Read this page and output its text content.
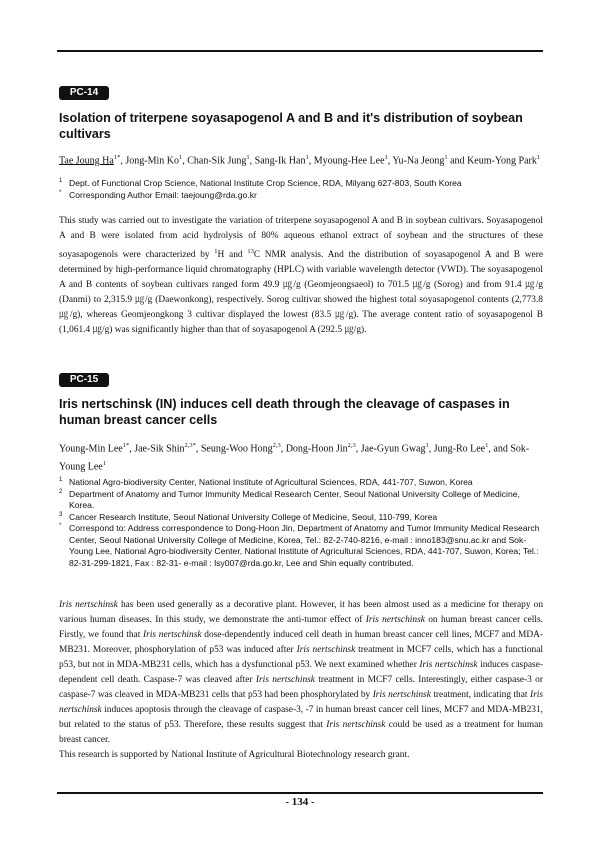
PC-14
Isolation of triterpene soyasapogenol A and B and it's distribution of soybean cultivars

Tae Joung $Ha^{1*}$, Jong-Min Ko$^1$, Chan-Sik Jung$^1$, Sang-Ik Han$^1$, Myoung-Hee Lee$^1$, Yu-Na Jeong$^1$ and Keum-Yong Park$^1$

1 Dept. of Functional Crop Science, National Institute Crop Science, RDA, Milyang 627-803, South Korea
* Corresponding Author Email: taejoung@rda.go.kr

This study was carried out to investigate the variation of triterpene soyasapogenol A and B in soybean cultivars. Soyasapogenol A and B were isolated from acid hydrolysis of 80% aqueous ethanol extract of soybean and the structures of these soyasapogenols were characterized by $^1$H and $^{13}$C NMR analysis. And the distribution of soyasapogenol A and B were determined by high-performance liquid chromatography (HPLC) with variable wavelength detector (VWD). The soyasapogenol A and B contents of soybean cultivars ranged form 49.9 ㎍/g (Geomjeongsaeol) to 701.5 ㎍/g (Sorog) and from 91.4 ㎍/g (Danmi) to 2,315.9 ㎍/g (Daewonkong), respectively. Sorog cultivar showed the highest total soyasapogenol contents (2,773.8 ㎍/g), whereas Geomjeongkong 3 cultivar displayed the lowest (83.5 ㎍/g). The average content ratio of soyasapogenol B (1,061.4 ㎍/g) was significantly higher than that of soyasapogenol A (292.5 ㎍/g).

PC-15
Iris nertschinsk (IN) induces cell death through the cleavage of caspases in human breast cancer cells

Young-Min Lee$^{1*}$, Jae-Sik Shin$^{2,3*}$, Seung-Woo Hong$^{2,3}$, Dong-Hoon Jin$^{2,3}$, Jae-Gyun Gwag$^1$, Jung-Ro Lee$^1$, and Sok-Young Lee$^1$

1 National Agro-biodiversity Center, National Institute of Agricultural Sciences, RDA, 441-707, Suwon, Korea
2 Department of Anatomy and Tumor Immunity Medical Research Center, Seoul National University College of Medicine, Korea.
3 Cancer Research Institute, Seoul National University College of Medicine, Seoul, 110-799, Korea
* Correspond to: Address correspondence to Dong-Hoon Jin, Department of Anatomy and Tumor Immunity Medical Research Center, Seoul National University College of Medicine, Korea, Tel.: 82-2-740-8216, e-mail : inno183@snu.ac.kr and Sok-Young Lee, National Agro-biodiversity Center, National Institute of Agricultural Sciences, RDA, 441-707, Suwon, Korea; Tel.: 82-31-299-1821, Fax : 82-31- e-mail : lsy007@rda.go.kr, Lee and Shin equally contributed.

Iris nertschinsk has been used generally as a decorative plant. However, it has been almost used as a medicine for therapy on various human diseases. In this study, we demonstrate the anti-tumor effect of Iris nertschinsk on human breast cancer cells. Firstly, we found that Iris nertschinsk dose-dependently induced cell death in human breast cancer cell lines, MCF7 and MDA-MB231. Moreover, phosphorylation of p53 was induced after Iris nertschinsk treatment in MCF7 cells, which has a functional p53, but not in MDA-MB231 cells, which has a dysfunctional p53. We next examined whether Iris nertschinsk induces caspase-dependent cell death. Caspase-7 was cleaved after Iris nertschinsk treatment in MCF7 cells. Interestingly, either caspase-3 or caspase-7 was cleaved in MDA-MB231 cells that p53 had been phosphorylated by Iris nertschinsk treatment, indicating that Iris nertschinsk induces apoptosis through the cleavage of caspase-3, -7 in human breast cancer cell lines, MCF7 and MDA-MB231, but related to the status of p53. Therefore, these results suggest that Iris nertschinsk could be used as a treatment for human breast cancer.

This research is supported by National Institute of Agricultural Biotechnology research grant.

- 134 -
